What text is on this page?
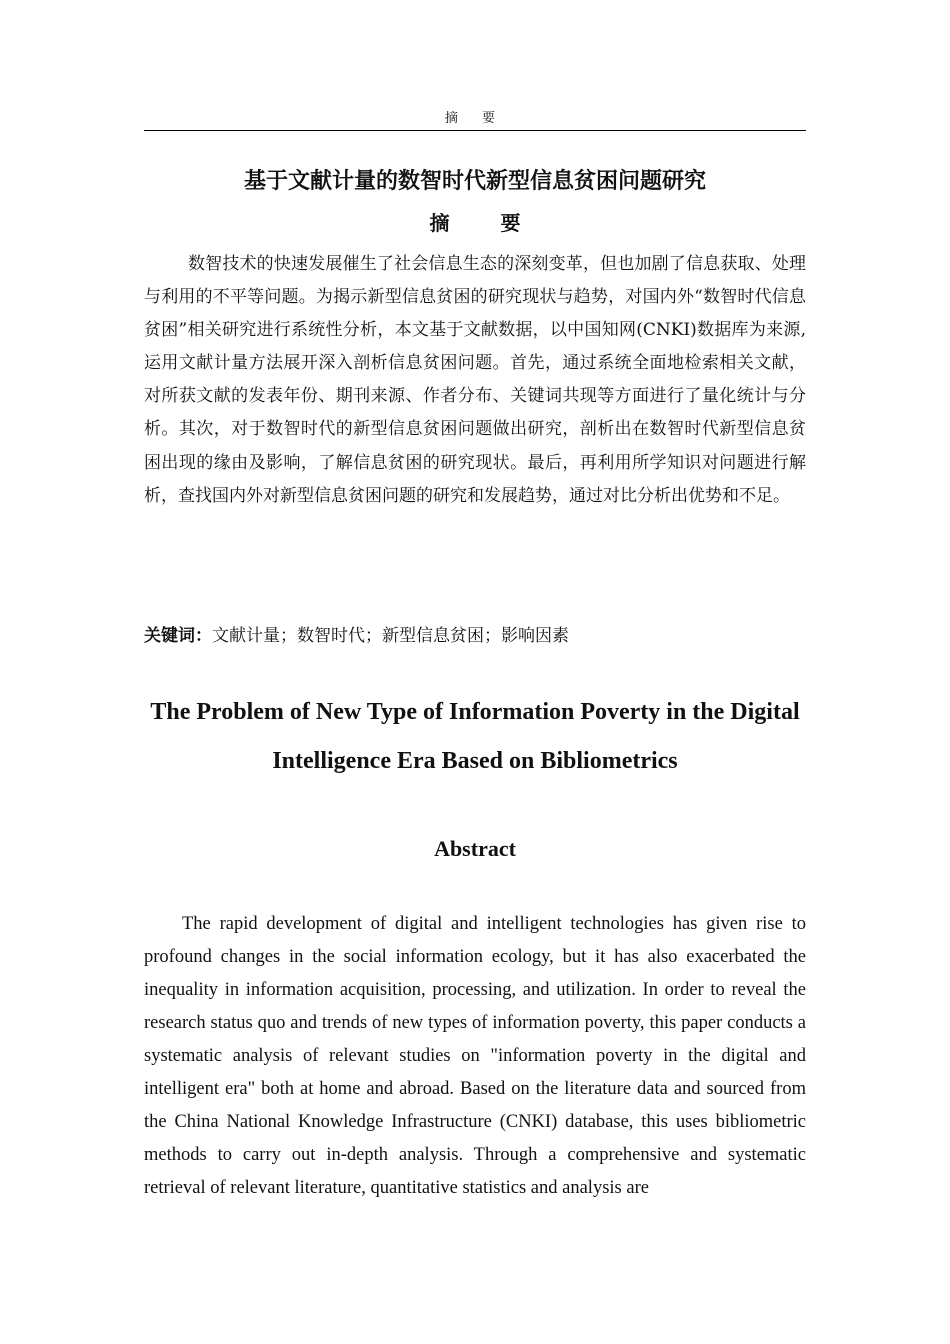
摘 要
基于文献计量的数智时代新型信息贫困问题研究
摘 要
数智技术的快速发展催生了社会信息生态的深刻变革，但也加剧了信息获取、处理与利用的不平等问题。为揭示新型信息贫困的研究现状与趋势，对国内外“数智时代信息贫困”相关研究进行系统性分析，本文基于文献数据，以中国知网(CNKI)数据库为来源,运用文献计量方法展开深入剖析信息贫困问题。首先，通过系统全面地检索相关文献，对所获文献的发表年份、期刊来源、作者分布、关键词共现等方面进行了量化统计与分析。其次，对于数智时代的新型信息贫困问题做出研究，剖析出在数智时代新型信息贫困出现的缘由及影响，了解信息贫困的研究现状。最后，再利用所学知识对问题进行解析，查找国内外对新型信息贫困问题的研究和发展趋势，通过对比分析出优势和不足。
关键词：文献计量；数智时代；新型信息贫困；影响因素
The Problem of New Type of Information Poverty in the Digital Intelligence Era Based on Bibliometrics
Abstract
The rapid development of digital and intelligent technologies has given rise to profound changes in the social information ecology, but it has also exacerbated the inequality in information acquisition, processing, and utilization. In order to reveal the research status quo and trends of new types of information poverty, this paper conducts a systematic analysis of relevant studies on "information poverty in the digital and intelligent era" both at home and abroad. Based on the literature data and sourced from the China National Knowledge Infrastructure (CNKI) database, this uses bibliometric methods to carry out in-depth analysis. Through a comprehensive and systematic retrieval of relevant literature, quantitative statistics and analysis are
